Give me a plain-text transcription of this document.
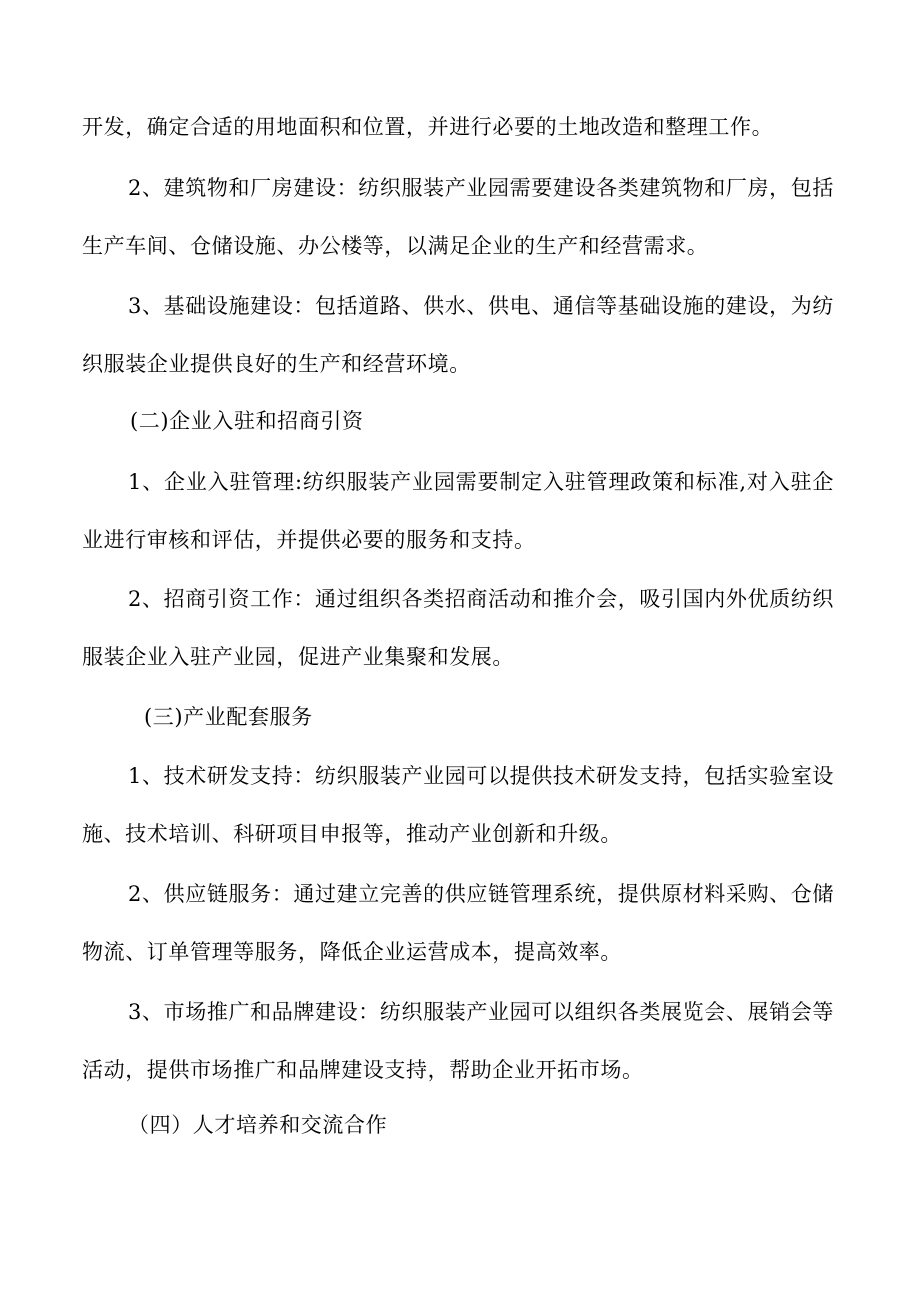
开发，确定合适的用地面积和位置，并进行必要的土地改造和整理工作。

2、建筑物和厂房建设：纺织服装产业园需要建设各类建筑物和厂房，包括生产车间、仓储设施、办公楼等，以满足企业的生产和经营需求。

3、基础设施建设：包括道路、供水、供电、通信等基础设施的建设，为纺织服装企业提供良好的生产和经营环境。

(二)企业入驻和招商引资

1、企业入驻管理:纺织服装产业园需要制定入驻管理政策和标准,对入驻企业进行审核和评估，并提供必要的服务和支持。

2、招商引资工作：通过组织各类招商活动和推介会，吸引国内外优质纺织服装企业入驻产业园，促进产业集聚和发展。

(三)产业配套服务

1、技术研发支持：纺织服装产业园可以提供技术研发支持，包括实验室设施、技术培训、科研项目申报等，推动产业创新和升级。

2、供应链服务：通过建立完善的供应链管理系统，提供原材料采购、仓储物流、订单管理等服务，降低企业运营成本，提高效率。

3、市场推广和品牌建设：纺织服装产业园可以组织各类展览会、展销会等活动，提供市场推广和品牌建设支持，帮助企业开拓市场。

（四）人才培养和交流合作
